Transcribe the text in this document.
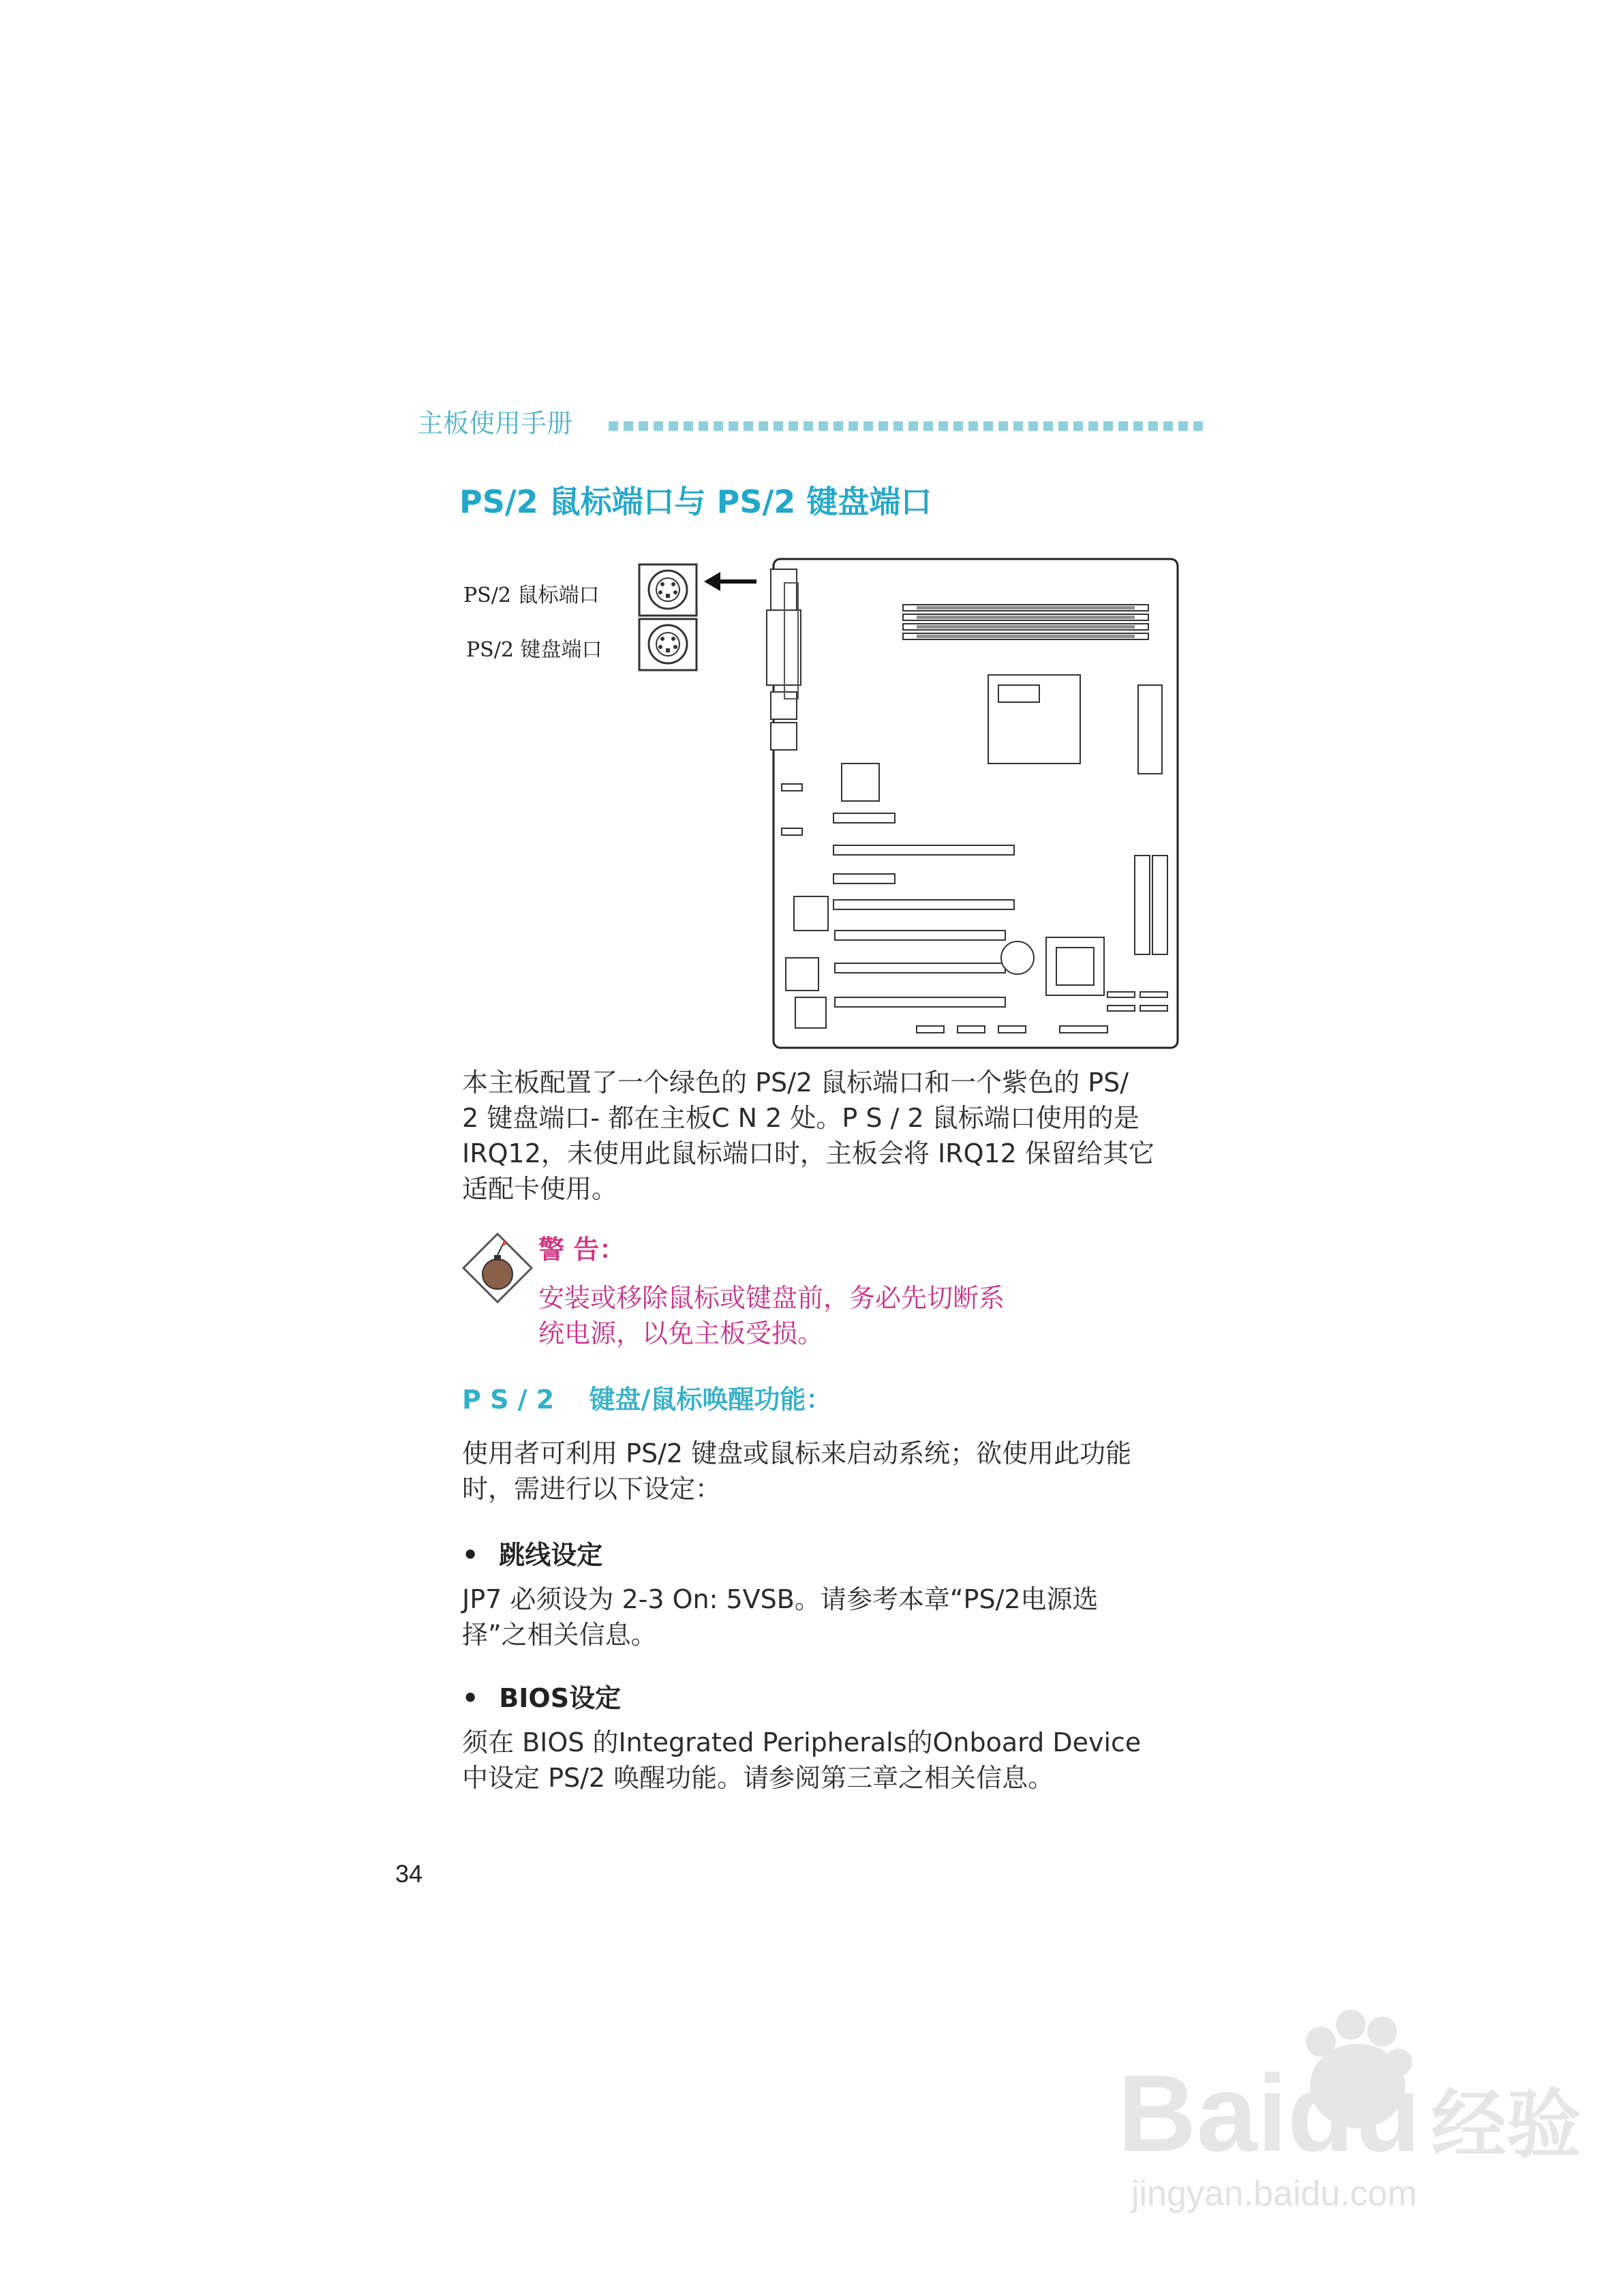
主板使用手册
PS/2 鼠标端口与 PS/2 键盘端口
PS/2 鼠标端口
PS/2 键盘端口
本主板配置了一个绿色的 PS/2 鼠标端口和一个紫色的 PS/
2 键盘端口- 都在主板C N 2 处。P S / 2 鼠标端口使用的是
IRQ12，未使用此鼠标端口时，主板会将 IRQ12 保留给其它
适配卡使用。
警 告：
安装或移除鼠标或键盘前，务必先切断系
统电源，以免主板受损。
P S / 2 　键盘/鼠标唤醒功能：
使用者可利用 PS/2 键盘或鼠标来启动系统；欲使用此功能
时，需进行以下设定：
• 跳线设定
JP7 必须设为 2-3 On: 5VSB。请参考本章“PS/2电源选
择”之相关信息。
• BIOS设定
须在 BIOS 的Integrated Peripherals的Onboard Device
中设定 PS/2 唤醒功能。请参阅第三章之相关信息。
34
Baidu 经验
jingyan.baidu.com
